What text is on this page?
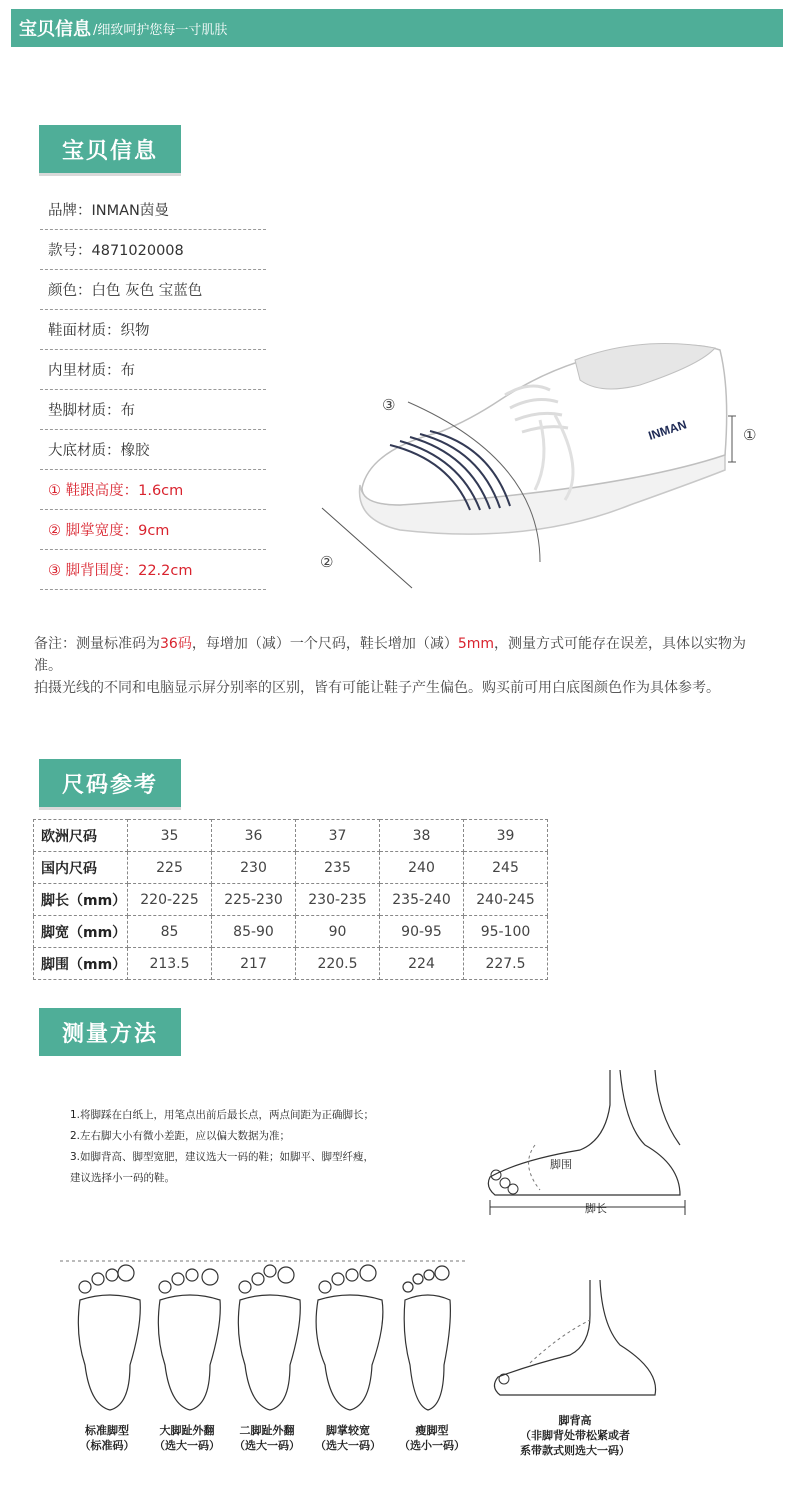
宝贝信息 /细致呵护您每一寸肌肤
宝贝信息
品牌：INMAN茵曼
款号：4871020008
颜色：白色 灰色 宝蓝色
鞋面材质：织物
内里材质：布
垫脚材质：布
大底材质：橡胶
① 鞋跟高度：1.6cm
② 脚掌宽度：9cm
③ 脚背围度：22.2cm
INMAN	①
②
③
备注：测量标准码为36码，每增加（减）一个尺码，鞋长增加（减）5mm，测量方式可能存在误差，具体以实物为准。
拍摄光线的不同和电脑显示屏分别率的区别，皆有可能让鞋子产生偏色。购买前可用白底图颜色作为具体参考。
尺码参考
欧洲尺码	35	36	37	38	39
国内尺码	225	230	235	240	245
脚长（mm）	220-225	225-230	230-235	235-240	240-245
脚宽（mm）	85	85-90	90	90-95	95-100
脚围（mm）	213.5	217	220.5	224	227.5
测量方法
1.将脚踩在白纸上，用笔点出前后最长点，两点间距为正确脚长；
2.左右脚大小有微小差距，应以偏大数据为准；
3.如脚背高、脚型宽肥，建议选大一码的鞋；如脚平、脚型纤瘦，
建议选择小一码的鞋。
脚围
脚长
标准脚型
（标准码）
大脚趾外翻
（选大一码）
二脚趾外翻
（选大一码）
脚掌较宽
（选大一码）
瘦脚型
（选小一码）
脚背高
（非脚背处带松紧或者
系带款式则选大一码）
